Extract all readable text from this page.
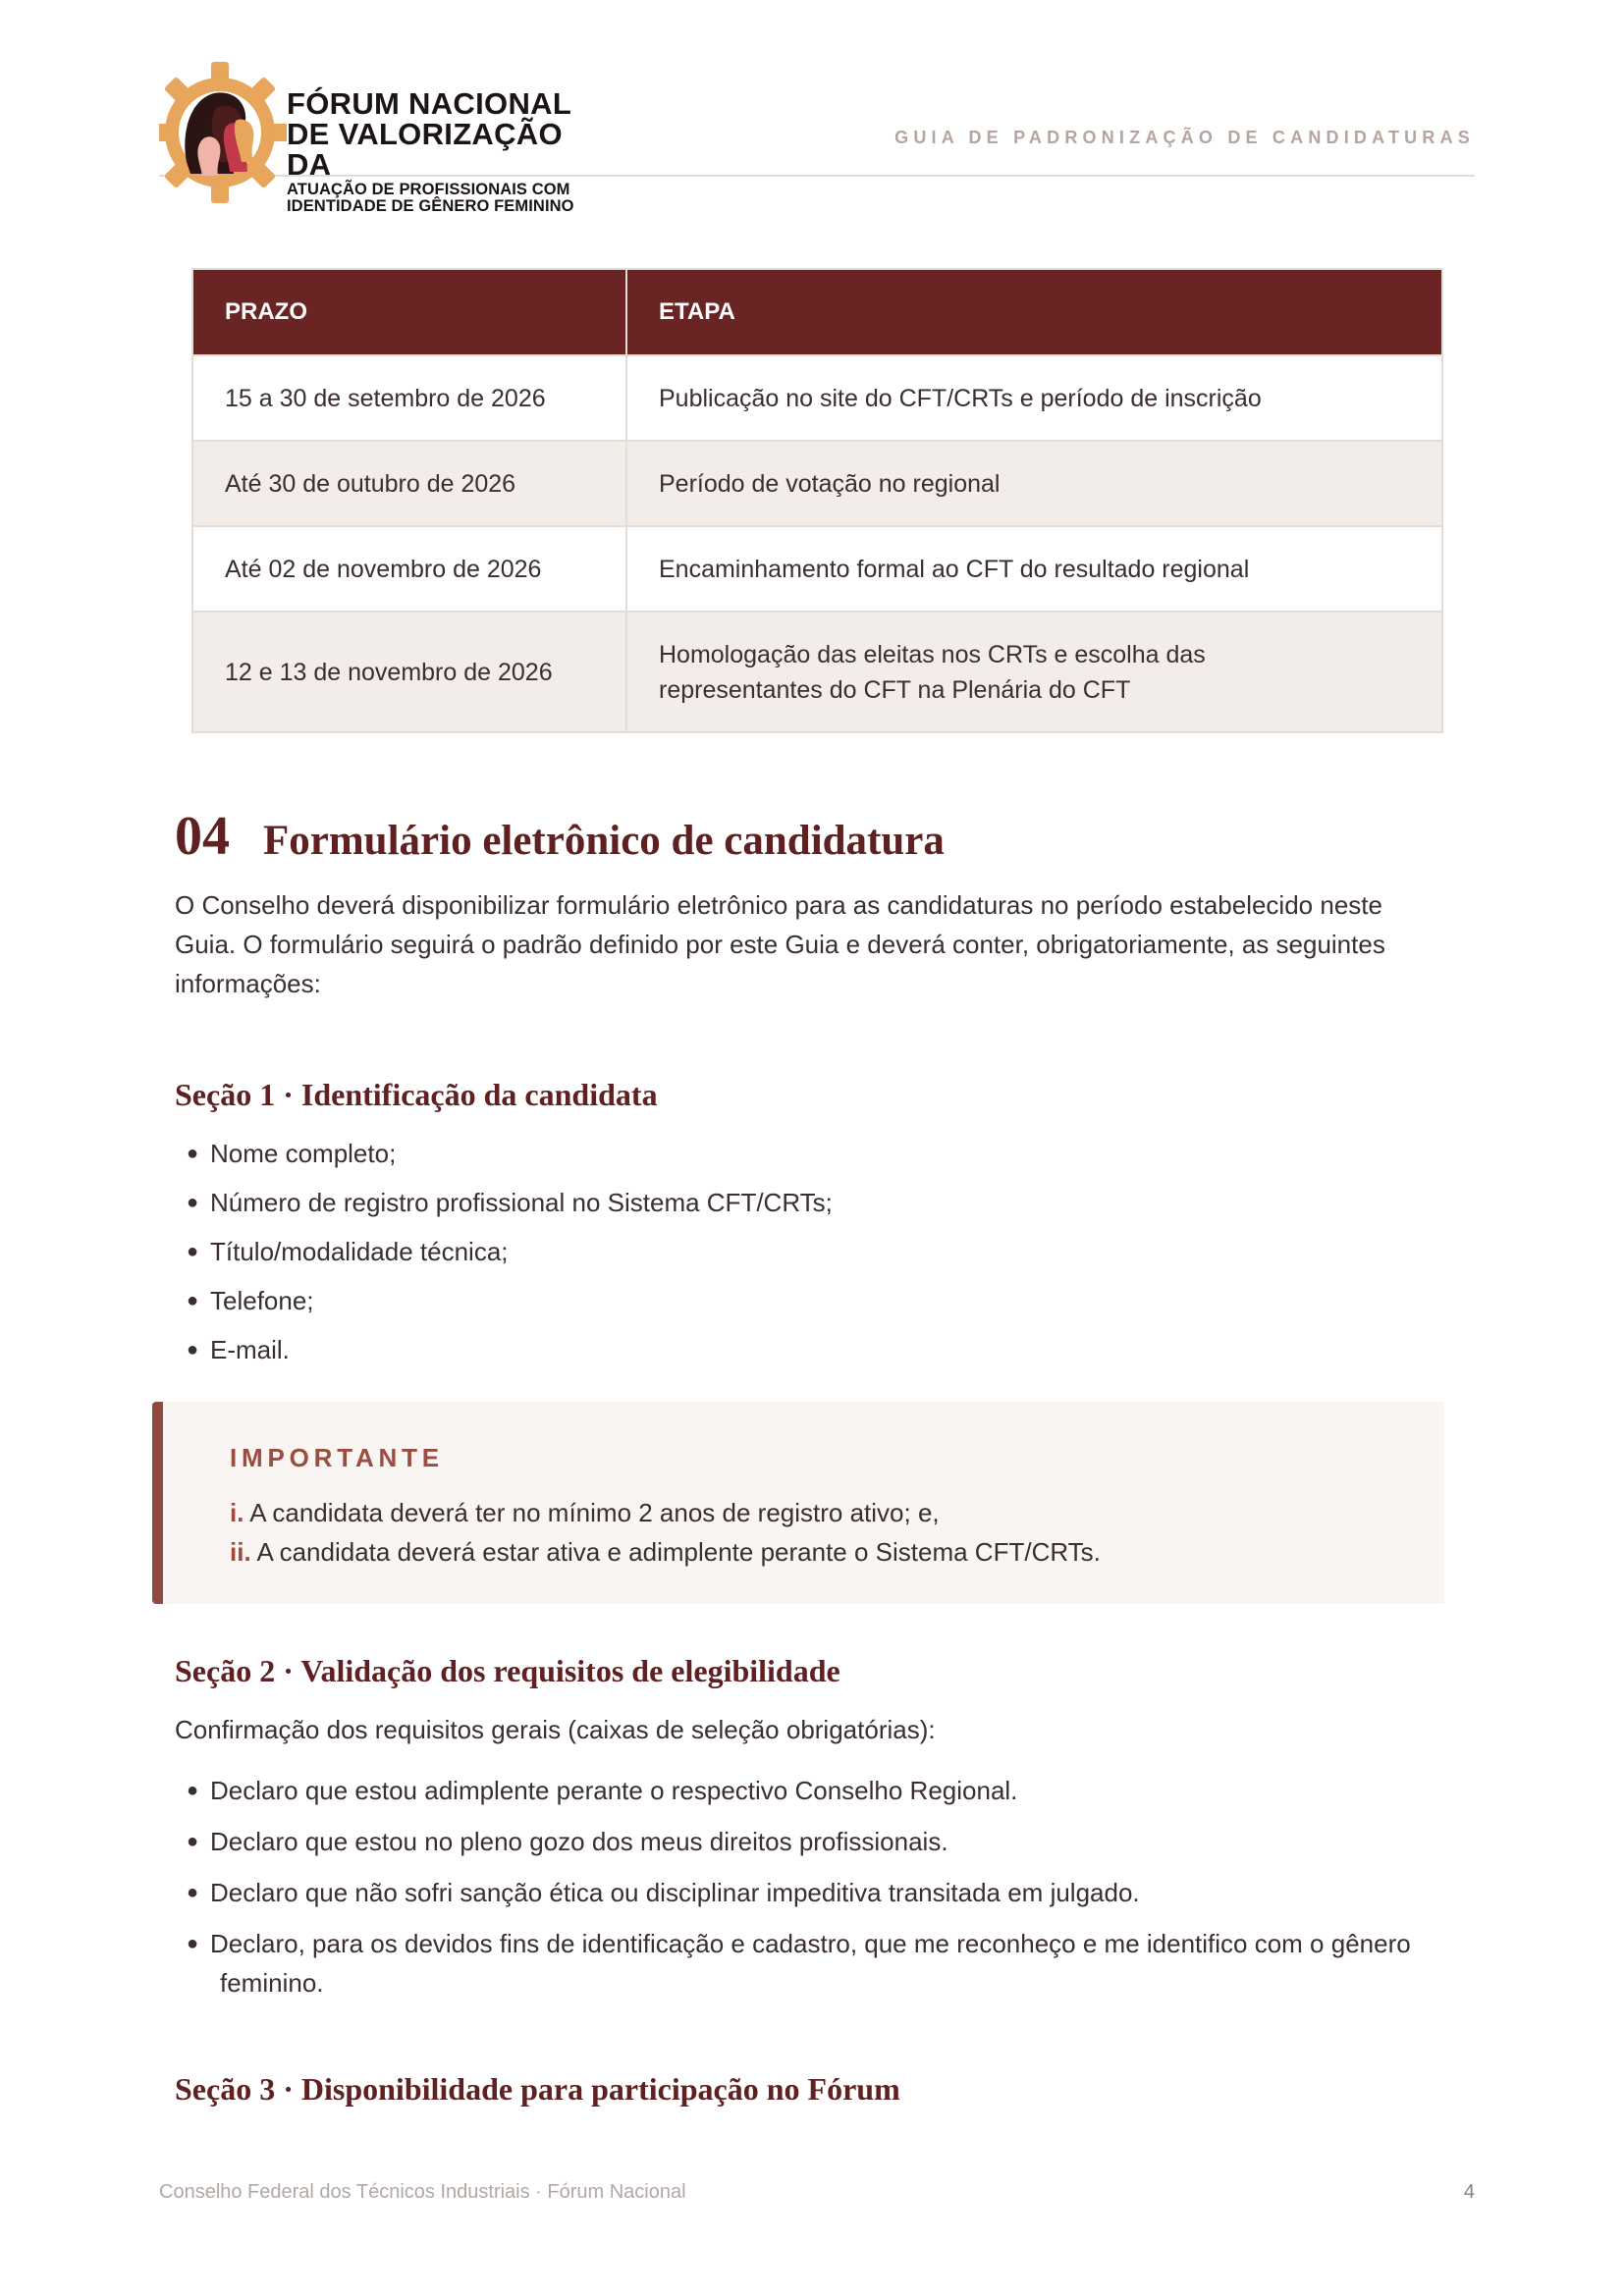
FÓRUM NACIONAL
DE VALORIZAÇÃO DA
ATUAÇÃO DE PROFISSIONAIS COM
IDENTIDADE DE GÊNERO FEMININO
GUIA DE PADRONIZAÇÃO DE CANDIDATURAS
PRAZO	ETAPA
15 a 30 de setembro de 2026	Publicação no site do CFT/CRTs e período de inscrição
Até 30 de outubro de 2026	Período de votação no regional
Até 02 de novembro de 2026	Encaminhamento formal ao CFT do resultado regional
12 e 13 de novembro de 2026	Homologação das eleitas nos CRTs e escolha das
representantes do CFT na Plenária do CFT
04 Formulário eletrônico de candidatura
O Conselho deverá disponibilizar formulário eletrônico para as candidaturas no período estabelecido neste
Guia. O formulário seguirá o padrão definido por este Guia e deverá conter, obrigatoriamente, as seguintes
informações:
Seção 1 · Identificação da candidata
● Nome completo;
● Número de registro profissional no Sistema CFT/CRTs;
● Título/modalidade técnica;
● Telefone;
● E-mail.
IMPORTANTE
i. A candidata deverá ter no mínimo 2 anos de registro ativo; e,
ii. A candidata deverá estar ativa e adimplente perante o Sistema CFT/CRTs.
Seção 2 · Validação dos requisitos de elegibilidade
Confirmação dos requisitos gerais (caixas de seleção obrigatórias):
● Declaro que estou adimplente perante o respectivo Conselho Regional.
● Declaro que estou no pleno gozo dos meus direitos profissionais.
● Declaro que não sofri sanção ética ou disciplinar impeditiva transitada em julgado.
● Declaro, para os devidos fins de identificação e cadastro, que me reconheço e me identifico com o gênero
feminino.
Seção 3 · Disponibilidade para participação no Fórum
Conselho Federal dos Técnicos Industriais · Fórum Nacional	4
